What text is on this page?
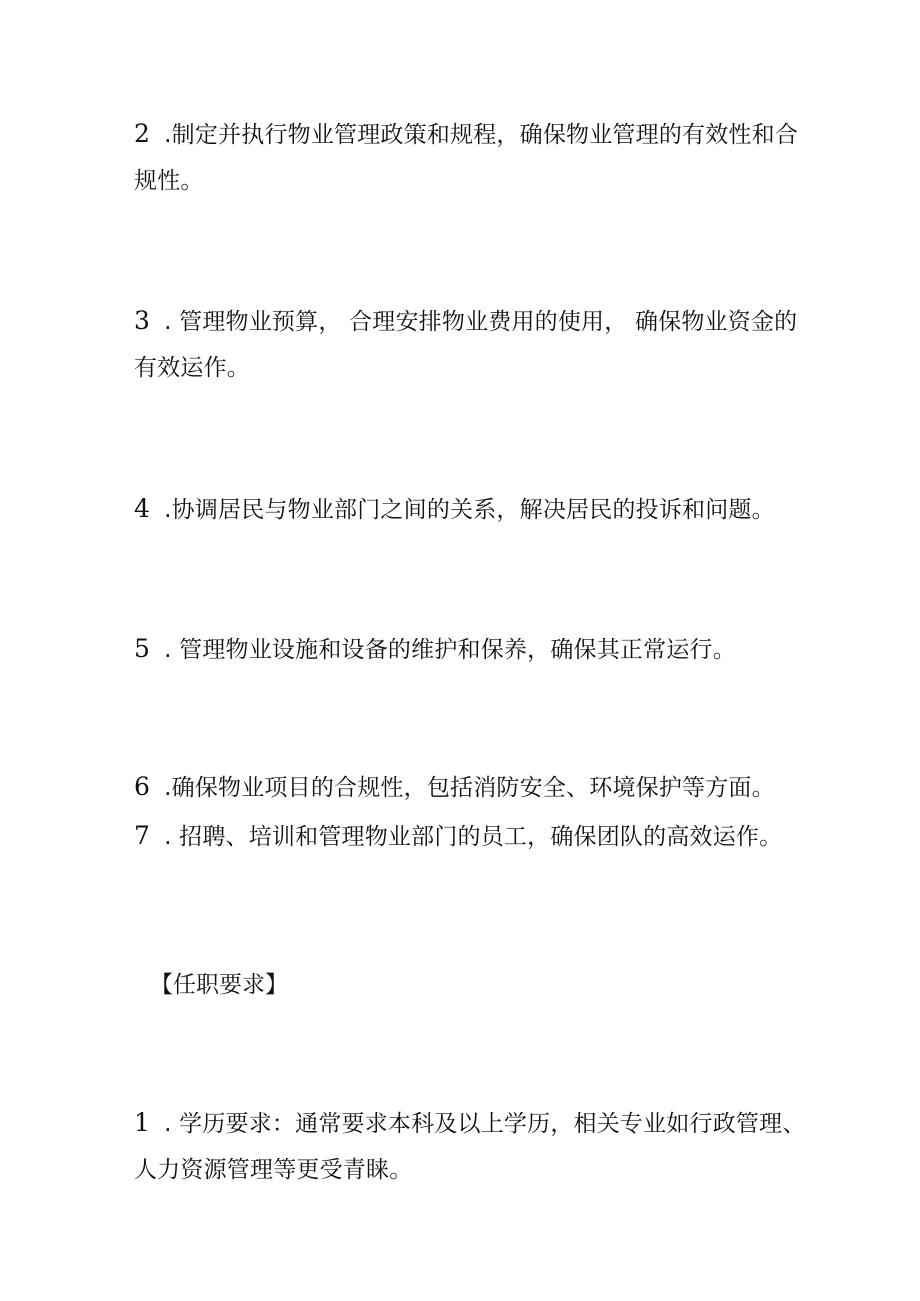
2 .制定并执行物业管理政策和规程，确保物业管理的有效性和合规性。

3 . 管理物业预算， 合理安排物业费用的使用， 确保物业资金的有效运作。

4 .协调居民与物业部门之间的关系，解决居民的投诉和问题。

5 . 管理物业设施和设备的维护和保养，确保其正常运行。

6 .确保物业项目的合规性，包括消防安全、环境保护等方面。

7 . 招聘、培训和管理物业部门的员工，确保团队的高效运作。

【任职要求】

1 . 学历要求：通常要求本科及以上学历，相关专业如行政管理、人力资源管理等更受青睐。
